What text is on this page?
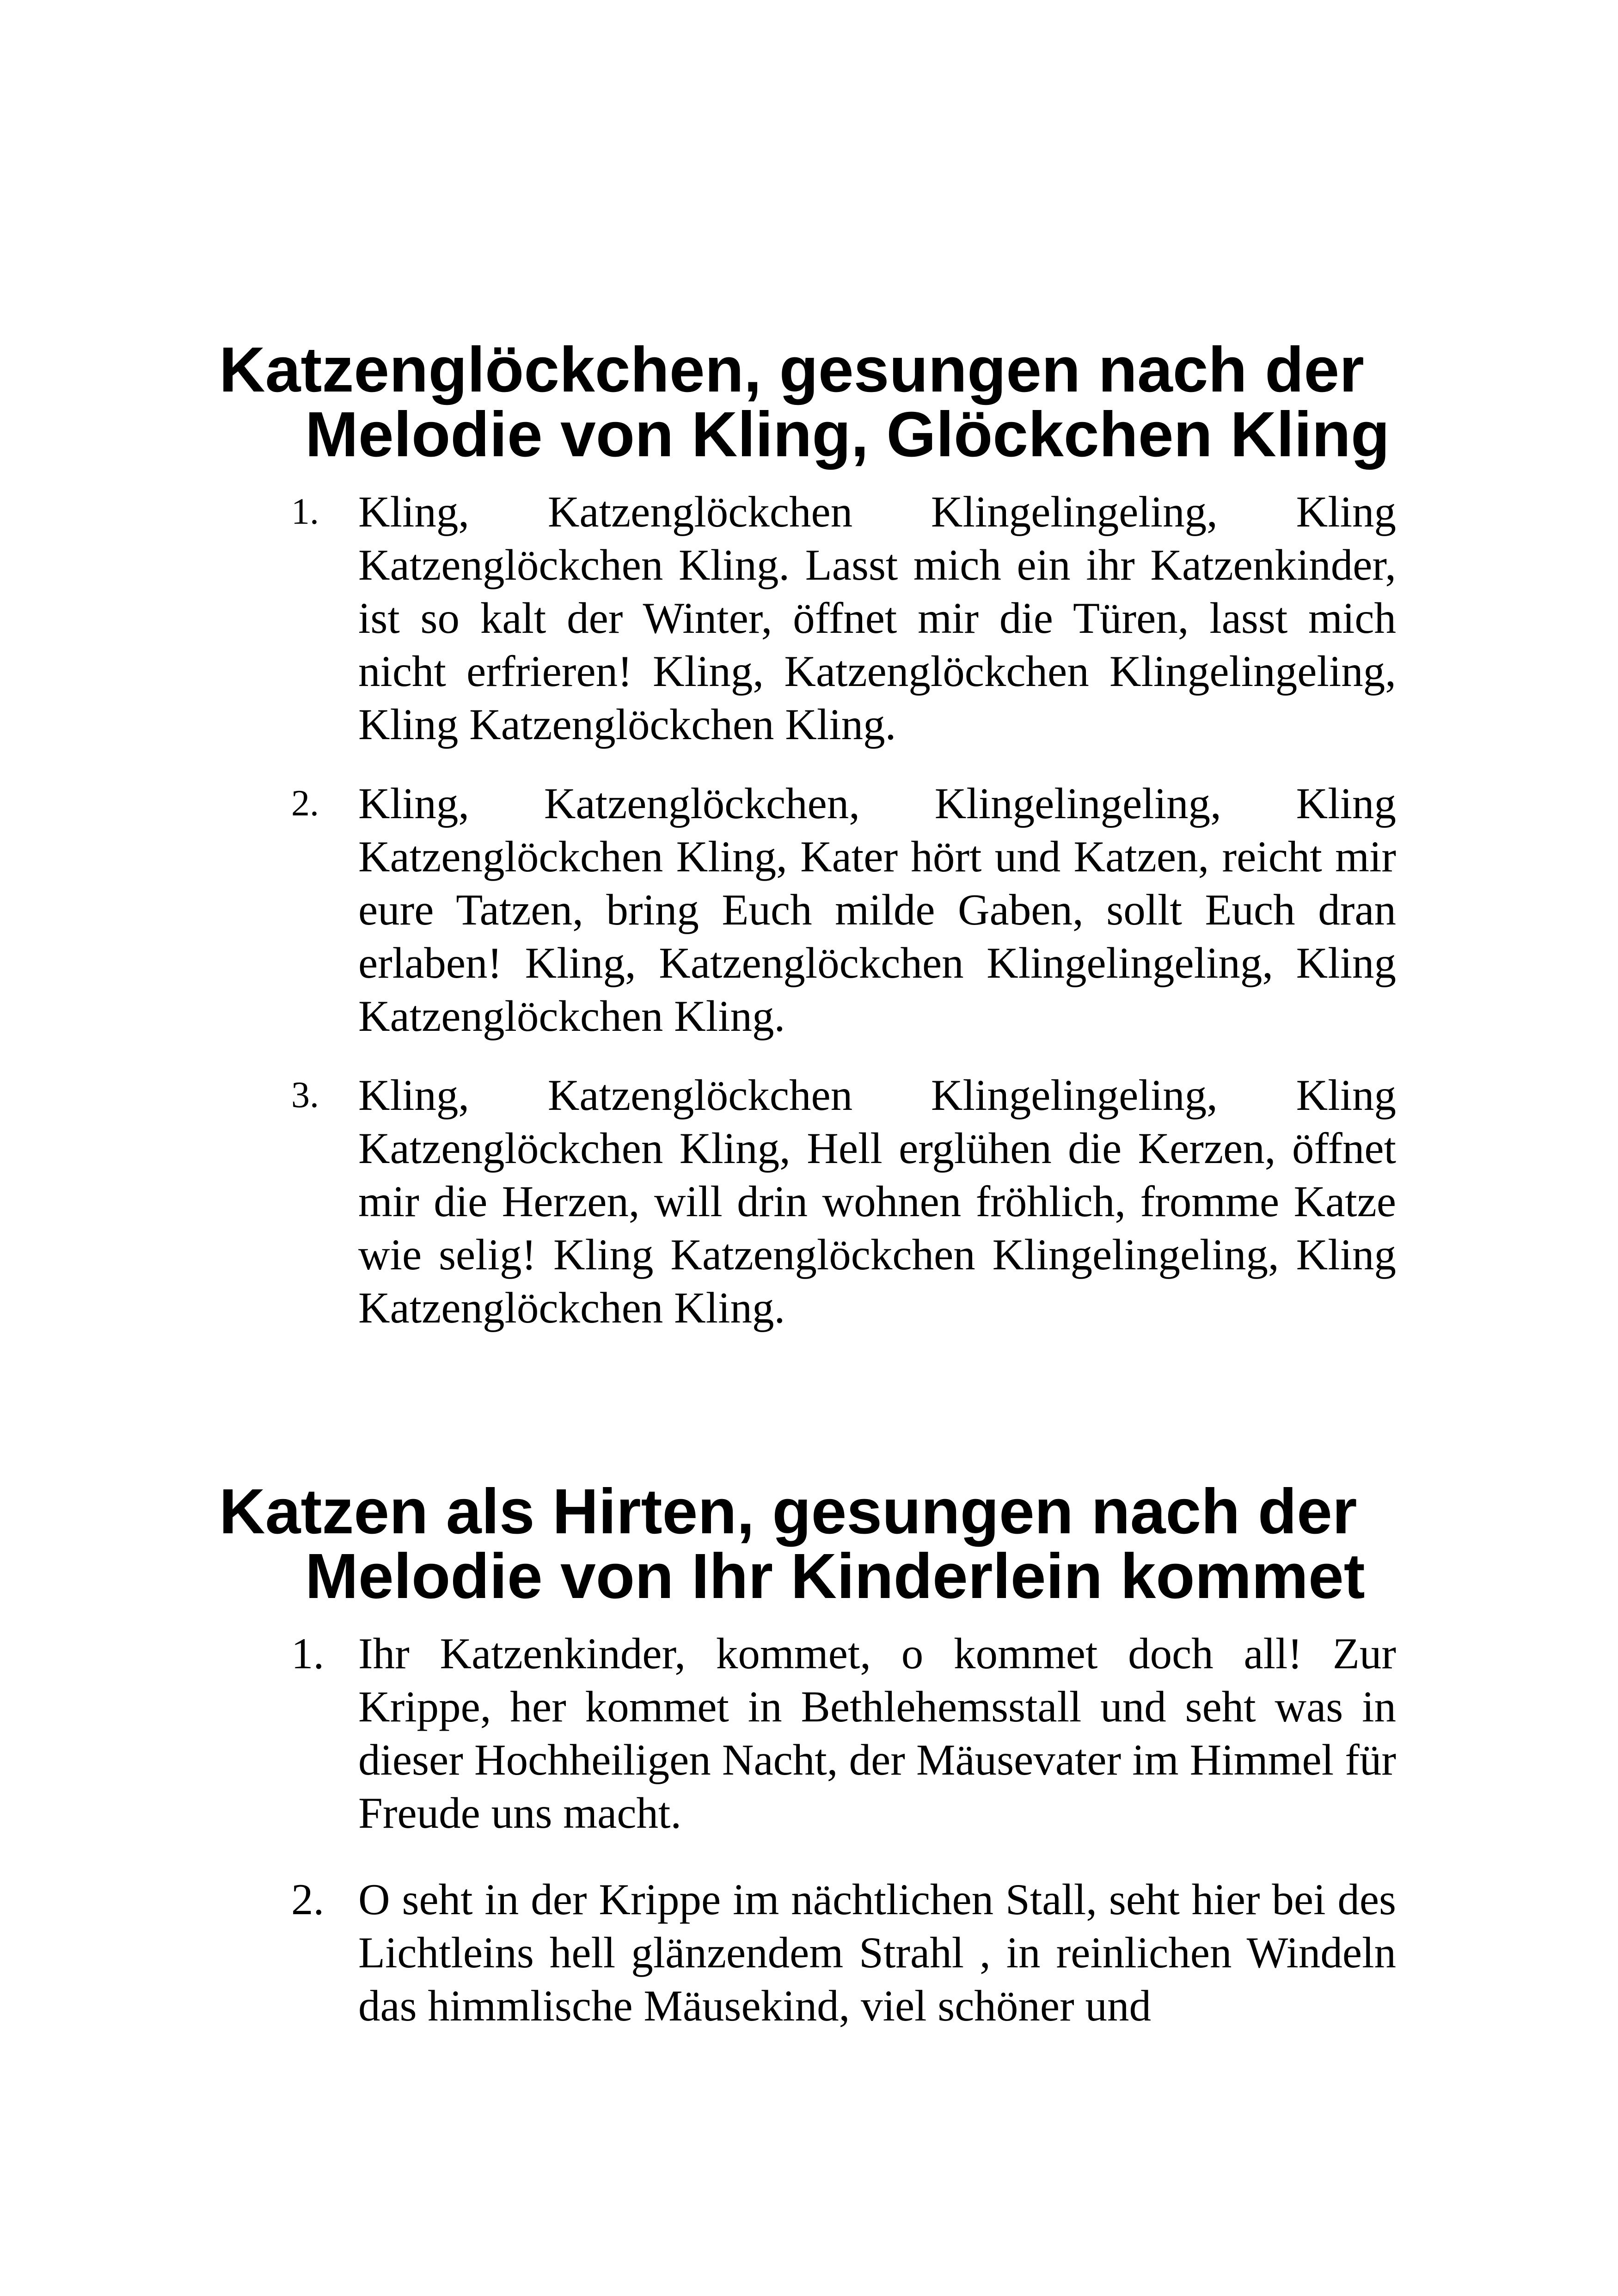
Katzenglöckchen, gesungen nach der Melodie von Kling, Glöckchen Kling
1. Kling, Katzenglöckchen Klingelingeling, Kling Katzenglöckchen Kling. Lasst mich ein ihr Katzenkinder, ist so kalt der Winter, öffnet mir die Türen, lasst mich nicht erfrieren! Kling, Katzenglöckchen Klingelingeling, Kling Katzenglöckchen Kling.
2. Kling, Katzenglöckchen, Klingelingeling, Kling Katzenglöckchen Kling, Kater hört und Katzen, reicht mir eure Tatzen, bring Euch milde Gaben, sollt Euch dran erlaben! Kling, Katzenglöckchen Klingelingeling, Kling Katzenglöckchen Kling.
3. Kling, Katzenglöckchen Klingelingeling, Kling Katzenglöckchen Kling, Hell erglühen die Kerzen, öffnet mir die Herzen, will drin wohnen fröhlich, fromme Katze wie selig! Kling Katzenglöckchen Klingelingeling, Kling Katzenglöckchen Kling.
Katzen als Hirten, gesungen nach der Melodie von Ihr Kinderlein kommet
1. Ihr Katzenkinder, kommet, o kommet doch all! Zur Krippe, her kommet in Bethlehemsstall und seht was in dieser Hochheiligen Nacht, der Mäusevater im Himmel für Freude uns macht.
2. O seht in der Krippe im nächtlichen Stall, seht hier bei des Lichtleins hell glänzendem Strahl , in reinlichen Windeln das himmlische Mäusekind, viel schöner und
